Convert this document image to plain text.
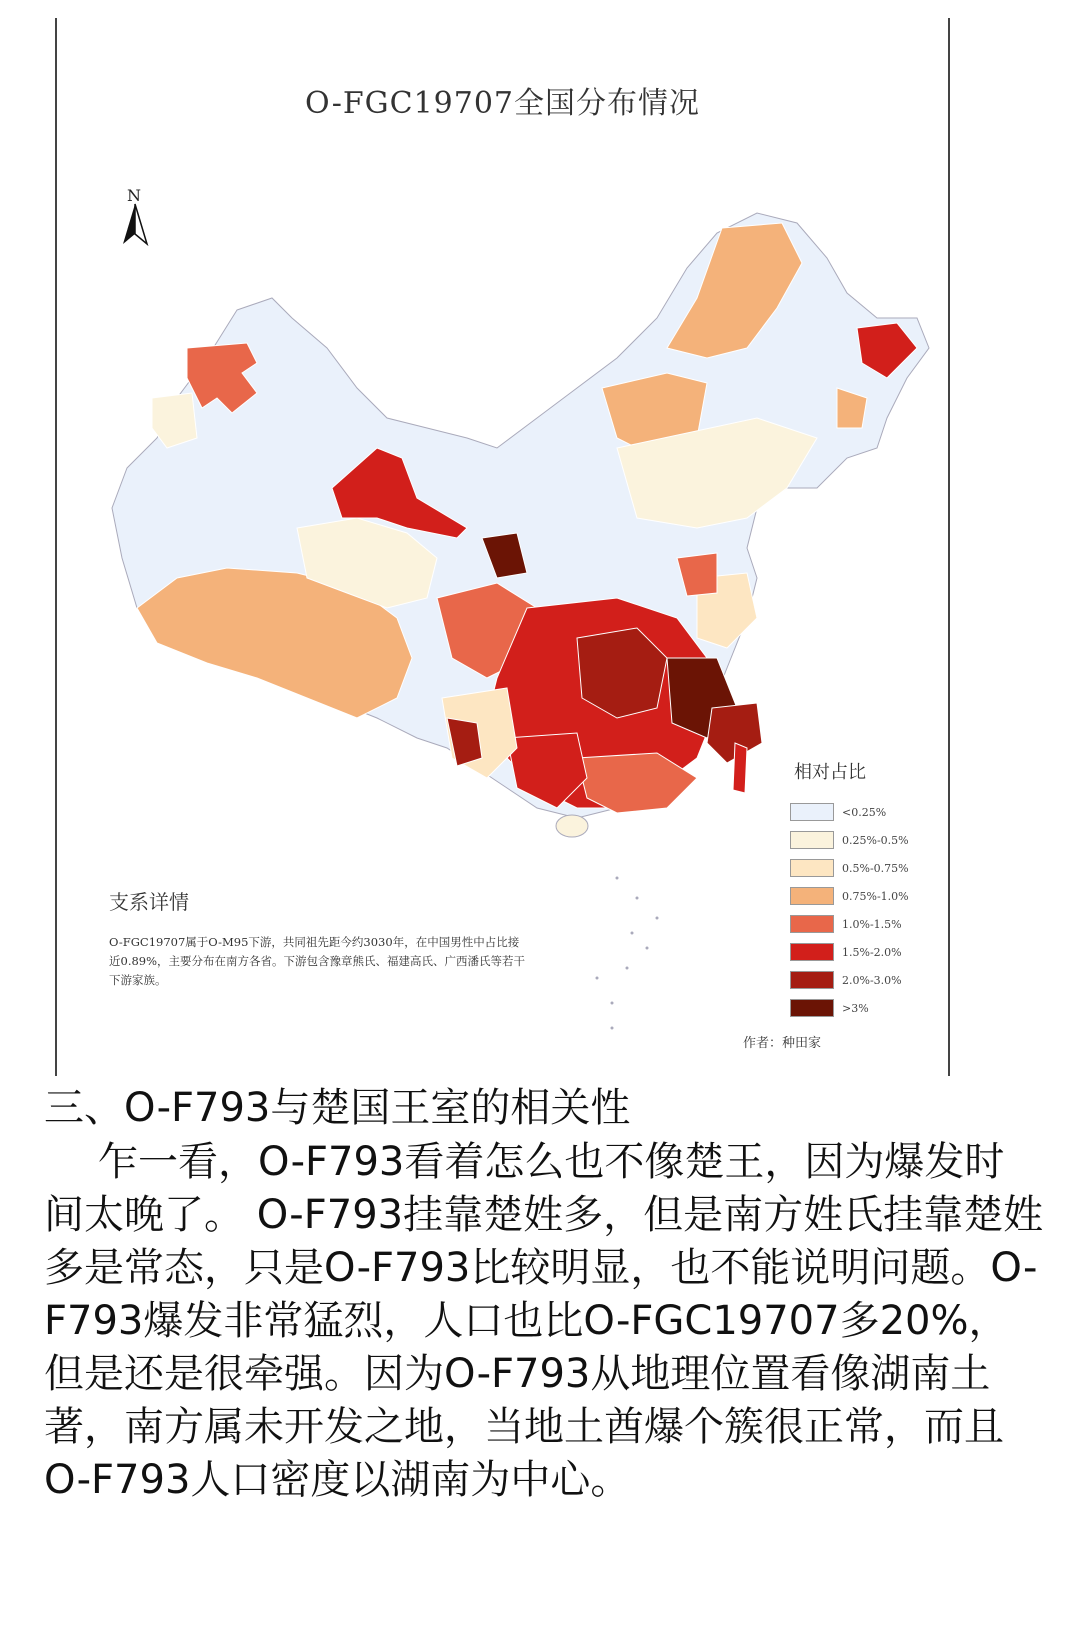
O-FGC19707全国分布情况
N
相对占比
<0.25%
0.25%-0.5%
0.5%-0.75%
0.75%-1.0%
1.0%-1.5%
1.5%-2.0%
2.0%-3.0%
>3%
支系详情
O-FGC19707属于O-M95下游，共同祖先距今约3030年，在中国男性中占比接近0.89%，主要分布在南方各省。下游包含豫章熊氏、福建高氏、广西潘氏等若干下游家族。
作者：种田家
三、O-F793与楚国王室的相关性

乍一看，O-F793看着怎么也不像楚王，因为爆发时间太晚了。 O-F793挂靠楚姓多，但是南方姓氏挂靠楚姓多是常态，只是O-F793比较明显，也不能说明问题。O-F793爆发非常猛烈，人口也比O-FGC19707多20%，但是还是很牵强。因为O-F793从地理位置看像湖南土著，南方属未开发之地，当地土酋爆个簇很正常，而且O-F793人口密度以湖南为中心。
